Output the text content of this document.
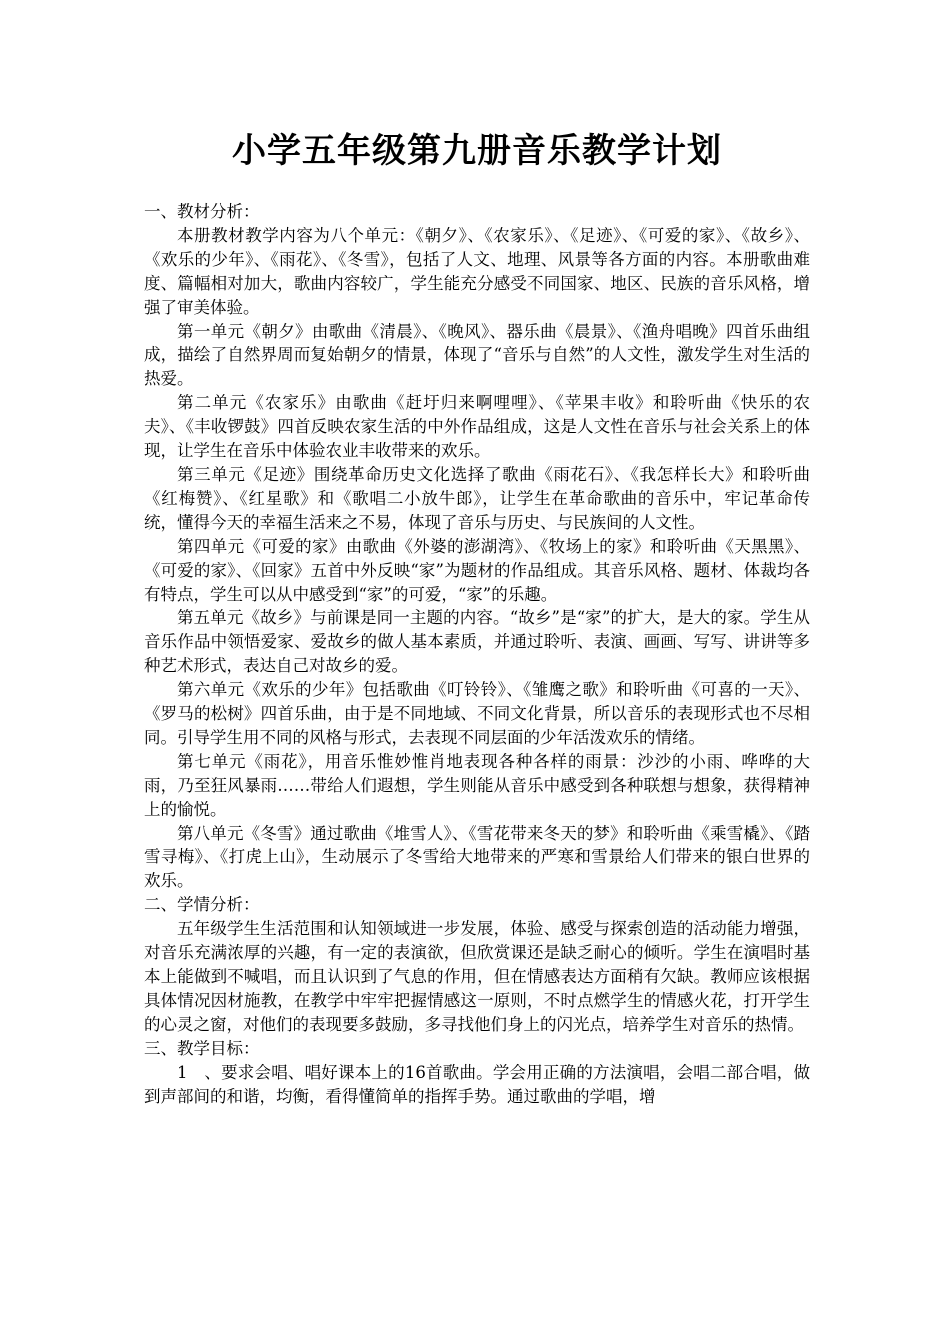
小学五年级第九册音乐教学计划

一、教材分析：

本册教材教学内容为八个单元：《朝夕》、《农家乐》、《足迹》、《可爱的家》、《故乡》、《欢乐的少年》、《雨花》、《冬雪》，包括了人文、地理、风景等各方面的内容。本册歌曲难度、篇幅相对加大，歌曲内容较广，学生能充分感受不同国家、地区、民族的音乐风格，增强了审美体验。

第一单元《朝夕》由歌曲《清晨》、《晚风》、器乐曲《晨景》、《渔舟唱晚》四首乐曲组成，描绘了自然界周而复始朝夕的情景，体现了“音乐与自然”的人文性，激发学生对生活的热爱。

第二单元《农家乐》由歌曲《赶圩归来啊哩哩》、《苹果丰收》和聆听曲《快乐的农夫》、《丰收锣鼓》四首反映农家生活的中外作品组成，这是人文性在音乐与社会关系上的体现，让学生在音乐中体验农业丰收带来的欢乐。

第三单元《足迹》围绕革命历史文化选择了歌曲《雨花石》、《我怎样长大》和聆听曲《红梅赞》、《红星歌》和《歌唱二小放牛郎》，让学生在革命歌曲的音乐中，牢记革命传统，懂得今天的幸福生活来之不易，体现了音乐与历史、与民族间的人文性。

第四单元《可爱的家》由歌曲《外婆的澎湖湾》、《牧场上的家》和聆听曲《天黑黑》、《可爱的家》、《回家》五首中外反映“家”为题材的作品组成。其音乐风格、题材、体裁均各有特点，学生可以从中感受到“家”的可爱，“家”的乐趣。

第五单元《故乡》与前课是同一主题的内容。“故乡”是“家”的扩大，是大的家。学生从音乐作品中领悟爱家、爱故乡的做人基本素质，并通过聆听、表演、画画、写写、讲讲等多种艺术形式，表达自己对故乡的爱。

第六单元《欢乐的少年》包括歌曲《叮铃铃》、《雏鹰之歌》和聆听曲《可喜的一天》、《罗马的松树》四首乐曲，由于是不同地域、不同文化背景，所以音乐的表现形式也不尽相同。引导学生用不同的风格与形式，去表现不同层面的少年活泼欢乐的情绪。

第七单元《雨花》，用音乐惟妙惟肖地表现各种各样的雨景：沙沙的小雨、哗哗的大雨，乃至狂风暴雨……带给人们遐想，学生则能从音乐中感受到各种联想与想象，获得精神上的愉悦。

第八单元《冬雪》通过歌曲《堆雪人》、《雪花带来冬天的梦》和聆听曲《乘雪橇》、《踏雪寻梅》、《打虎上山》，生动展示了冬雪给大地带来的严寒和雪景给人们带来的银白世界的欢乐。

二、学情分析：

五年级学生生活范围和认知领域进一步发展，体验、感受与探索创造的活动能力增强，对音乐充满浓厚的兴趣，有一定的表演欲，但欣赏课还是缺乏耐心的倾听。学生在演唱时基本上能做到不喊唱，而且认识到了气息的作用，但在情感表达方面稍有欠缺。教师应该根据具体情况因材施教，在教学中牢牢把握情感这一原则，不时点燃学生的情感火花，打开学生的心灵之窗，对他们的表现要多鼓励，多寻找他们身上的闪光点，培养学生对音乐的热情。

三、教学目标：

1　、要求会唱、唱好课本上的16首歌曲。学会用正确的方法演唱，会唱二部合唱，做到声部间的和谐，均衡，看得懂简单的指挥手势。通过歌曲的学唱，增
